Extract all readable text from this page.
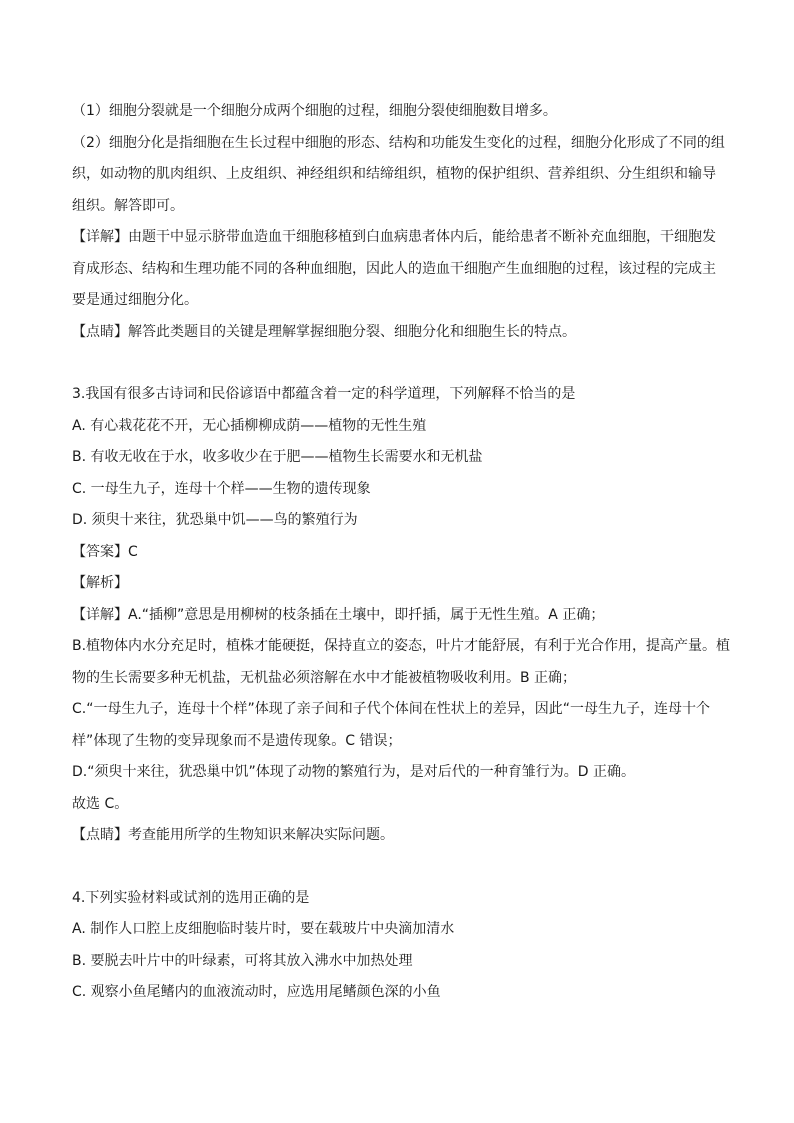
（1）细胞分裂就是一个细胞分成两个细胞的过程，细胞分裂使细胞数目增多。
（2）细胞分化是指细胞在生长过程中细胞的形态、结构和功能发生变化的过程，细胞分化形成了不同的组
织，如动物的肌肉组织、上皮组织、神经组织和结缔组织，植物的保护组织、营养组织、分生组织和输导
组织。解答即可。
【详解】由题干中显示脐带血造血干细胞移植到白血病患者体内后，能给患者不断补充血细胞，干细胞发
育成形态、结构和生理功能不同的各种血细胞，因此人的造血干细胞产生血细胞的过程，该过程的完成主
要是通过细胞分化。
【点睛】解答此类题目的关键是理解掌握细胞分裂、细胞分化和细胞生长的特点。
3.我国有很多古诗词和民俗谚语中都蕴含着一定的科学道理，下列解释不恰当的是
A. 有心栽花花不开，无心插柳柳成荫——植物的无性生殖
B. 有收无收在于水，收多收少在于肥——植物生长需要水和无机盐
C. 一母生九子，连母十个样——生物的遗传现象
D. 须臾十来往，犹恐巢中饥——鸟的繁殖行为
【答案】C
【解析】
【详解】A.“插柳”意思是用柳树的枝条插在土壤中，即扦插，属于无性生殖。A 正确；
B.植物体内水分充足时，植株才能硬挺，保持直立的姿态，叶片才能舒展，有利于光合作用，提高产量。植
物的生长需要多种无机盐，无机盐必须溶解在水中才能被植物吸收利用。B 正确；
C.“一母生九子，连母十个样”体现了亲子间和子代个体间在性状上的差异，因此“一母生九子，连母十个
样”体现了生物的变异现象而不是遗传现象。C 错误；
D.“须臾十来往，犹恐巢中饥”体现了动物的繁殖行为，是对后代的一种育雏行为。D 正确。
故选 C。
【点睛】考查能用所学的生物知识来解决实际问题。
4.下列实验材料或试剂的选用正确的是
A. 制作人口腔上皮细胞临时装片时，要在载玻片中央滴加清水
B. 要脱去叶片中的叶绿素，可将其放入沸水中加热处理
C. 观察小鱼尾鳍内的血液流动时，应选用尾鳍颜色深的小鱼
